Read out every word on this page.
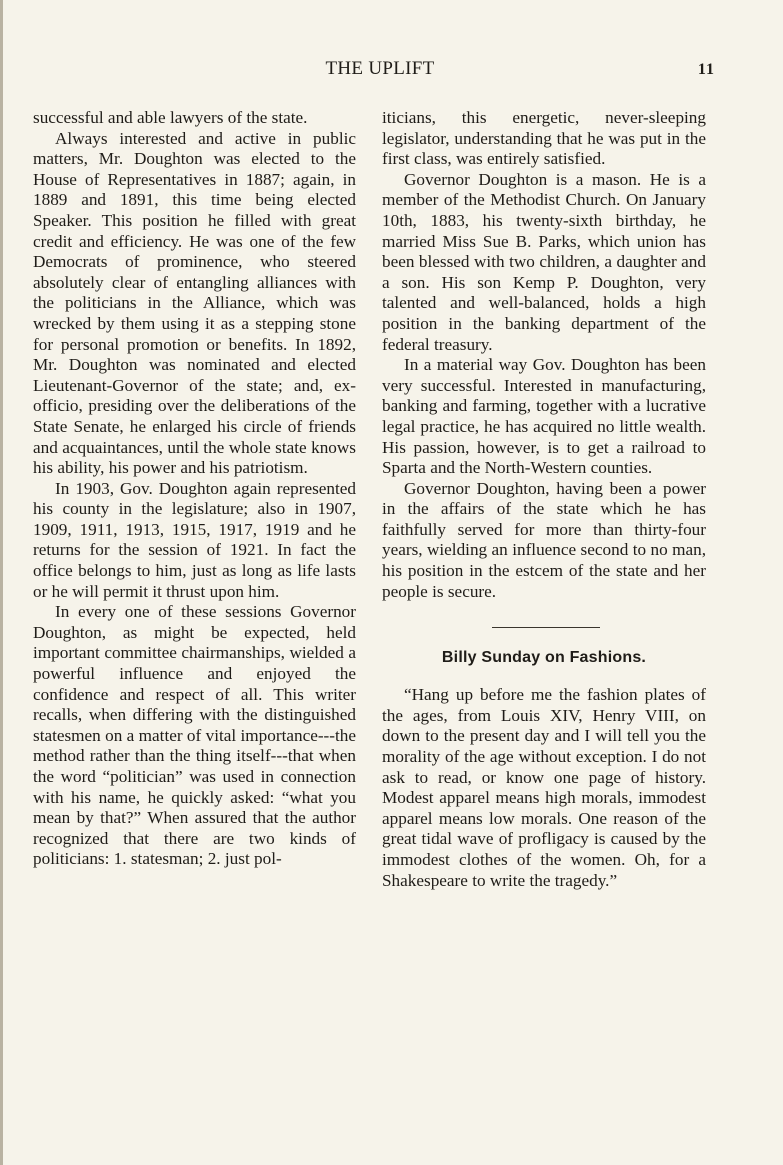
THE UPLIFT	11

successful and able lawyers of the state.

Always interested and active in public matters, Mr. Doughton was elected to the House of Representatives in 1887; again, in 1889 and 1891, this time being elected Speaker. This position he filled with great credit and efficiency. He was one of the few Democrats of prominence, who steered absolutely clear of entangling alliances with the politicians in the Alliance, which was wrecked by them using it as a stepping stone for personal promotion or benefits. In 1892, Mr. Doughton was nominated and elected Lieutenant-Governor of the state; and, ex-officio, presiding over the deliberations of the State Senate, he enlarged his circle of friends and acquaintances, until the whole state knows his ability, his power and his patriotism.

In 1903, Gov. Doughton again represented his county in the legislature; also in 1907, 1909, 1911, 1913, 1915, 1917, 1919 and he returns for the session of 1921. In fact the office belongs to him, just as long as life lasts or he will permit it thrust upon him.

In every one of these sessions Governor Doughton, as might be expected, held important committee chairmanships, wielded a powerful influence and enjoyed the confidence and respect of all. This writer recalls, when differing with the distinguished statesmen on a matter of vital importance---the method rather than the thing itself---that when the word “politician” was used in connection with his name, he quickly asked: “what you mean by that?” When assured that the author recognized that there are two kinds of politicians: 1. statesman; 2. just pol-

iticians, this energetic, never-sleeping legislator, understanding that he was put in the first class, was entirely satisfied.

Governor Doughton is a mason. He is a member of the Methodist Church. On January 10th, 1883, his twenty-sixth birthday, he married Miss Sue B. Parks, which union has been blessed with two children, a daughter and a son. His son Kemp P. Doughton, very talented and well-balanced, holds a high position in the banking department of the federal treasury.

In a material way Gov. Doughton has been very successful. Interested in manufacturing, banking and farming, together with a lucrative legal practice, he has acquired no little wealth. His passion, however, is to get a railroad to Sparta and the North-Western counties.

Governor Doughton, having been a power in the affairs of the state which he has faithfully served for more than thirty-four years, wielding an influence second to no man, his position in the estcem of the state and her people is secure.

Billy Sunday on Fashions.

“Hang up before me the fashion plates of the ages, from Louis XIV, Henry VIII, on down to the present day and I will tell you the morality of the age without exception. I do not ask to read, or know one page of history. Modest apparel means high morals, immodest apparel means low morals. One reason of the great tidal wave of profligacy is caused by the immodest clothes of the women. Oh, for a Shakespeare to write the tragedy.”
